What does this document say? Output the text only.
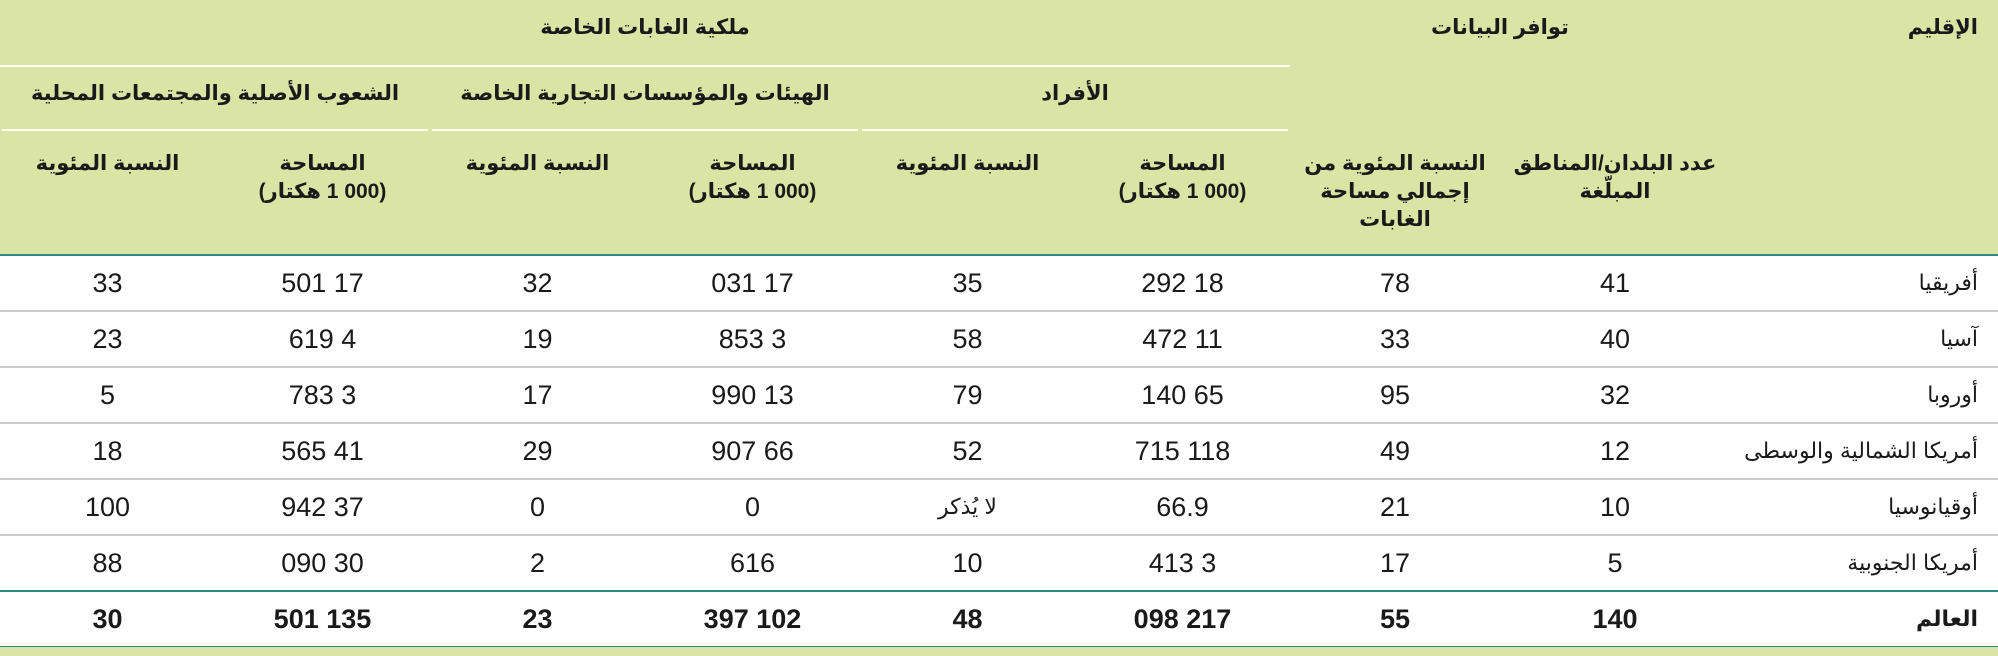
الإقليم
توافر البيانات
ملكية الغابات الخاصة
الأفراد
الهيئات والمؤسسات التجارية الخاصة
الشعوب الأصلية والمجتمعات المحلية
عدد البلدان/المناطق
المبلّغة
النسبة المئوية من
إجمالي مساحة
الغابات
المساحة
(000 1 هكتار)
النسبة المئوية
المساحة
(000 1 هكتار)
النسبة المئوية
المساحة
(000 1 هكتار)
النسبة المئوية
أفريقيا
41
78
18 292
35
17 031
32
17 501
33
آسيا
40
33
11 472
58
3 853
19
4 619
23
أوروبا
32
95
65 140
79
13 990
17
3 783
5
أمريكا الشمالية والوسطى
12
49
118 715
52
66 907
29
41 565
18
أوقيانوسيا
10
21
66.9
لا يُذكر
0
0
37 942
100
أمريكا الجنوبية
5
17
3 413
10
616
2
30 090
88
العالم
140
55
217 098
48
102 397
23
135 501
30
